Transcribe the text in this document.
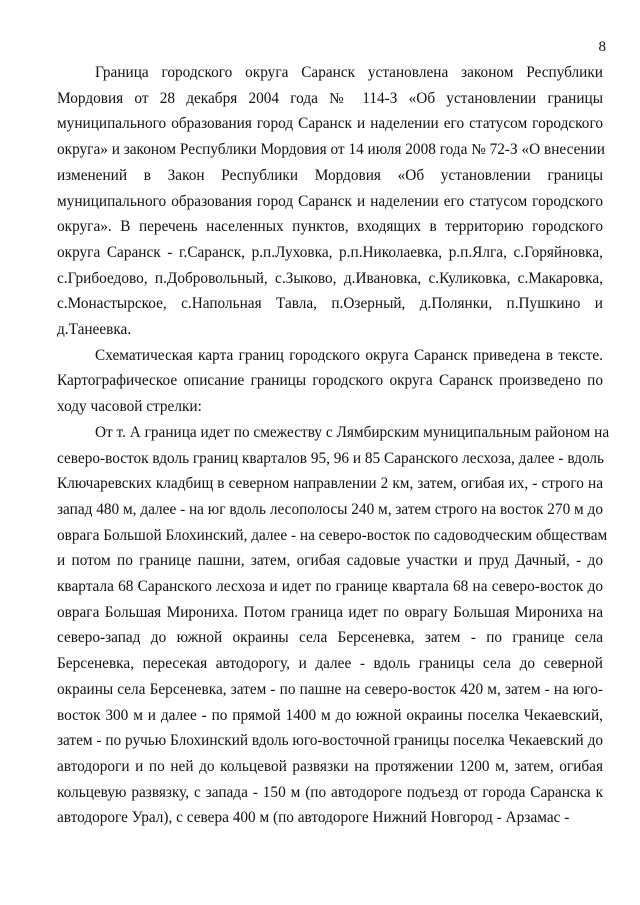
8
Граница городского округа Саранск установлена законом Республики
Мордовия от 28 декабря 2004 года № 114-З «Об установлении границы
муниципального образования город Саранск и наделении его статусом городского
округа» и законом Республики Мордовия от 14 июля 2008 года № 72-З «О внесении
изменений в Закон Республики Мордовия «Об установлении границы
муниципального образования город Саранск и наделении его статусом городского
округа». В перечень населенных пунктов, входящих в территорию городского
округа Саранск - г.Саранск, р.п.Луховка, р.п.Николаевка, р.п.Ялга, с.Горяйновка,
с.Грибоедово, п.Добровольный, с.Зыково, д.Ивановка, с.Куликовка, с.Макаровка,
с.Монастырское, с.Напольная Тавла, п.Озерный, д.Полянки, п.Пушкино и
д.Танеевка.
Схематическая карта границ городского округа Саранск приведена в тексте.
Картографическое описание границы городского округа Саранск произведено по
ходу часовой стрелки:
От т. А граница идет по смежеству с Лямбирским муниципальным районом на
северо-восток вдоль границ кварталов 95, 96 и 85 Саранского лесхоза, далее - вдоль
Ключаревских кладбищ в северном направлении 2 км, затем, огибая их, - строго на
запад 480 м, далее - на юг вдоль лесополосы 240 м, затем строго на восток 270 м до
оврага Большой Блохинский, далее - на северо-восток по садоводческим обществам
и потом по границе пашни, затем, огибая садовые участки и пруд Дачный, - до
квартала 68 Саранского лесхоза и идет по границе квартала 68 на северо-восток до
оврага Большая Мирониха. Потом граница идет по оврагу Большая Мирониха на
северо-запад до южной окраины села Берсеневка, затем - по границе села
Берсеневка, пересекая автодорогу, и далее - вдоль границы села до северной
окраины села Берсеневка, затем - по пашне на северо-восток 420 м, затем - на юго-
восток 300 м и далее - по прямой 1400 м до южной окраины поселка Чекаевский,
затем - по ручью Блохинский вдоль юго-восточной границы поселка Чекаевский до
автодороги и по ней до кольцевой развязки на протяжении 1200 м, затем, огибая
кольцевую развязку, с запада - 150 м (по автодороге подъезд от города Саранска к
автодороге Урал), с севера 400 м (по автодороге Нижний Новгород - Арзамас -
